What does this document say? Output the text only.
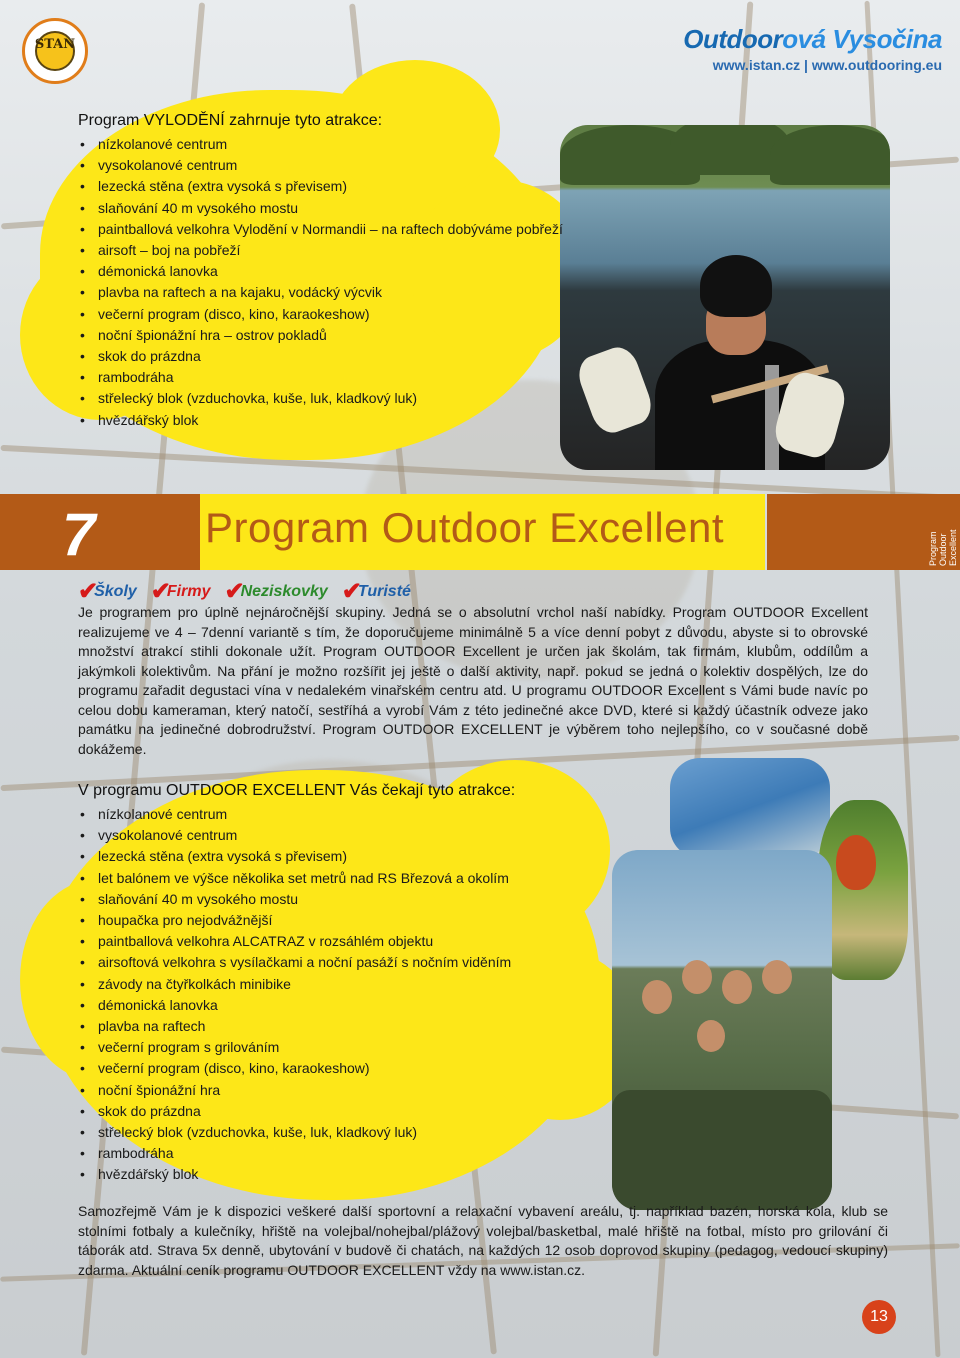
STAN	Outdoorová Vysočina
www.istan.cz | www.outdooring.eu
Program VYLODĚNÍ zahrnuje tyto atrakce:
• nízkolanové centrum
• vysokolanové centrum
• lezecká stěna (extra vysoká s převisem)
• slaňování 40 m vysokého mostu
• paintballová velkohra Vylodění v Normandii – na raftech dobýváme pobřeží
• airsoft – boj na pobřeží
• démonická lanovka
• plavba na raftech a na kajaku, vodácký výcvik
• večerní program (disco, kino, karaokeshow)
• noční špionážní hra – ostrov pokladů
• skok do prázdna
• rambodráha
• střelecký blok (vzduchovka, kuše, luk, kladkový luk)
• hvězdářský blok
7	Program Outdoor Excellent	Program Outdoor Excellent
✔
Školy ✔
Firmy ✔
Neziskovky ✔
Turisté
Je programem pro úplně nejnáročnější skupiny. Jedná se o absolutní vrchol naší nabídky. Program OUTDOOR Excellent realizujeme ve 4 – 7denní variantě s tím, že doporučujeme minimálně 5 a více denní pobyt z důvodu, abyste si to obrovské množství atrakcí stihli dokonale užít. Program OUTDOOR Excellent je určen jak školám, tak firmám, klubům, oddílům a jakýmkoli kolektivům. Na přání je možno rozšířit jej ještě o další aktivity, např. pokud se jedná o kolektiv dospělých, lze do programu zařadit degustaci vína v nedalekém vinařském centru atd. U programu OUTDOOR Excellent s Vámi bude navíc po celou dobu kameraman, který natočí, sestříhá a vyrobí Vám z této jedinečné akce DVD, které si každý účastník odveze jako památku na jedinečné dobrodružství. Program OUTDOOR EXCELLENT je výběrem toho nejlepšího, co v současné době dokážeme.
V programu OUTDOOR EXCELLENT Vás čekají tyto atrakce:
• nízkolanové centrum
• vysokolanové centrum
• lezecká stěna (extra vysoká s převisem)
• let balónem ve výšce několika set metrů nad RS Březová a okolím
• slaňování 40 m vysokého mostu
• houpačka pro nejodvážnější
• paintballová velkohra ALCATRAZ v rozsáhlém objektu
• airsoftová velkohra s vysílačkami a noční pasáží s nočním viděním
• závody na čtyřkolkách minibike
• démonická lanovka
• plavba na raftech
• večerní program s grilováním
• večerní program (disco, kino, karaokeshow)
• noční špionážní hra
• skok do prázdna
• střelecký blok (vzduchovka, kuše, luk, kladkový luk)
• rambodráha
• hvězdářský blok
Samozřejmě Vám je k dispozici veškeré další sportovní a relaxační vybavení areálu, tj. například bazén, horská kola, klub se stolními fotbaly a kulečníky, hřiště na volejbal/nohejbal/plážový volejbal/basketbal, malé hřiště na fotbal, místo pro grilování či táborák atd. Strava 5x denně, ubytování v budově či chatách, na každých 12 osob doprovod skupiny (pedagog, vedoucí skupiny) zdarma. Aktuální ceník programu OUTDOOR EXCELLENT vždy na www.istan.cz.
13
